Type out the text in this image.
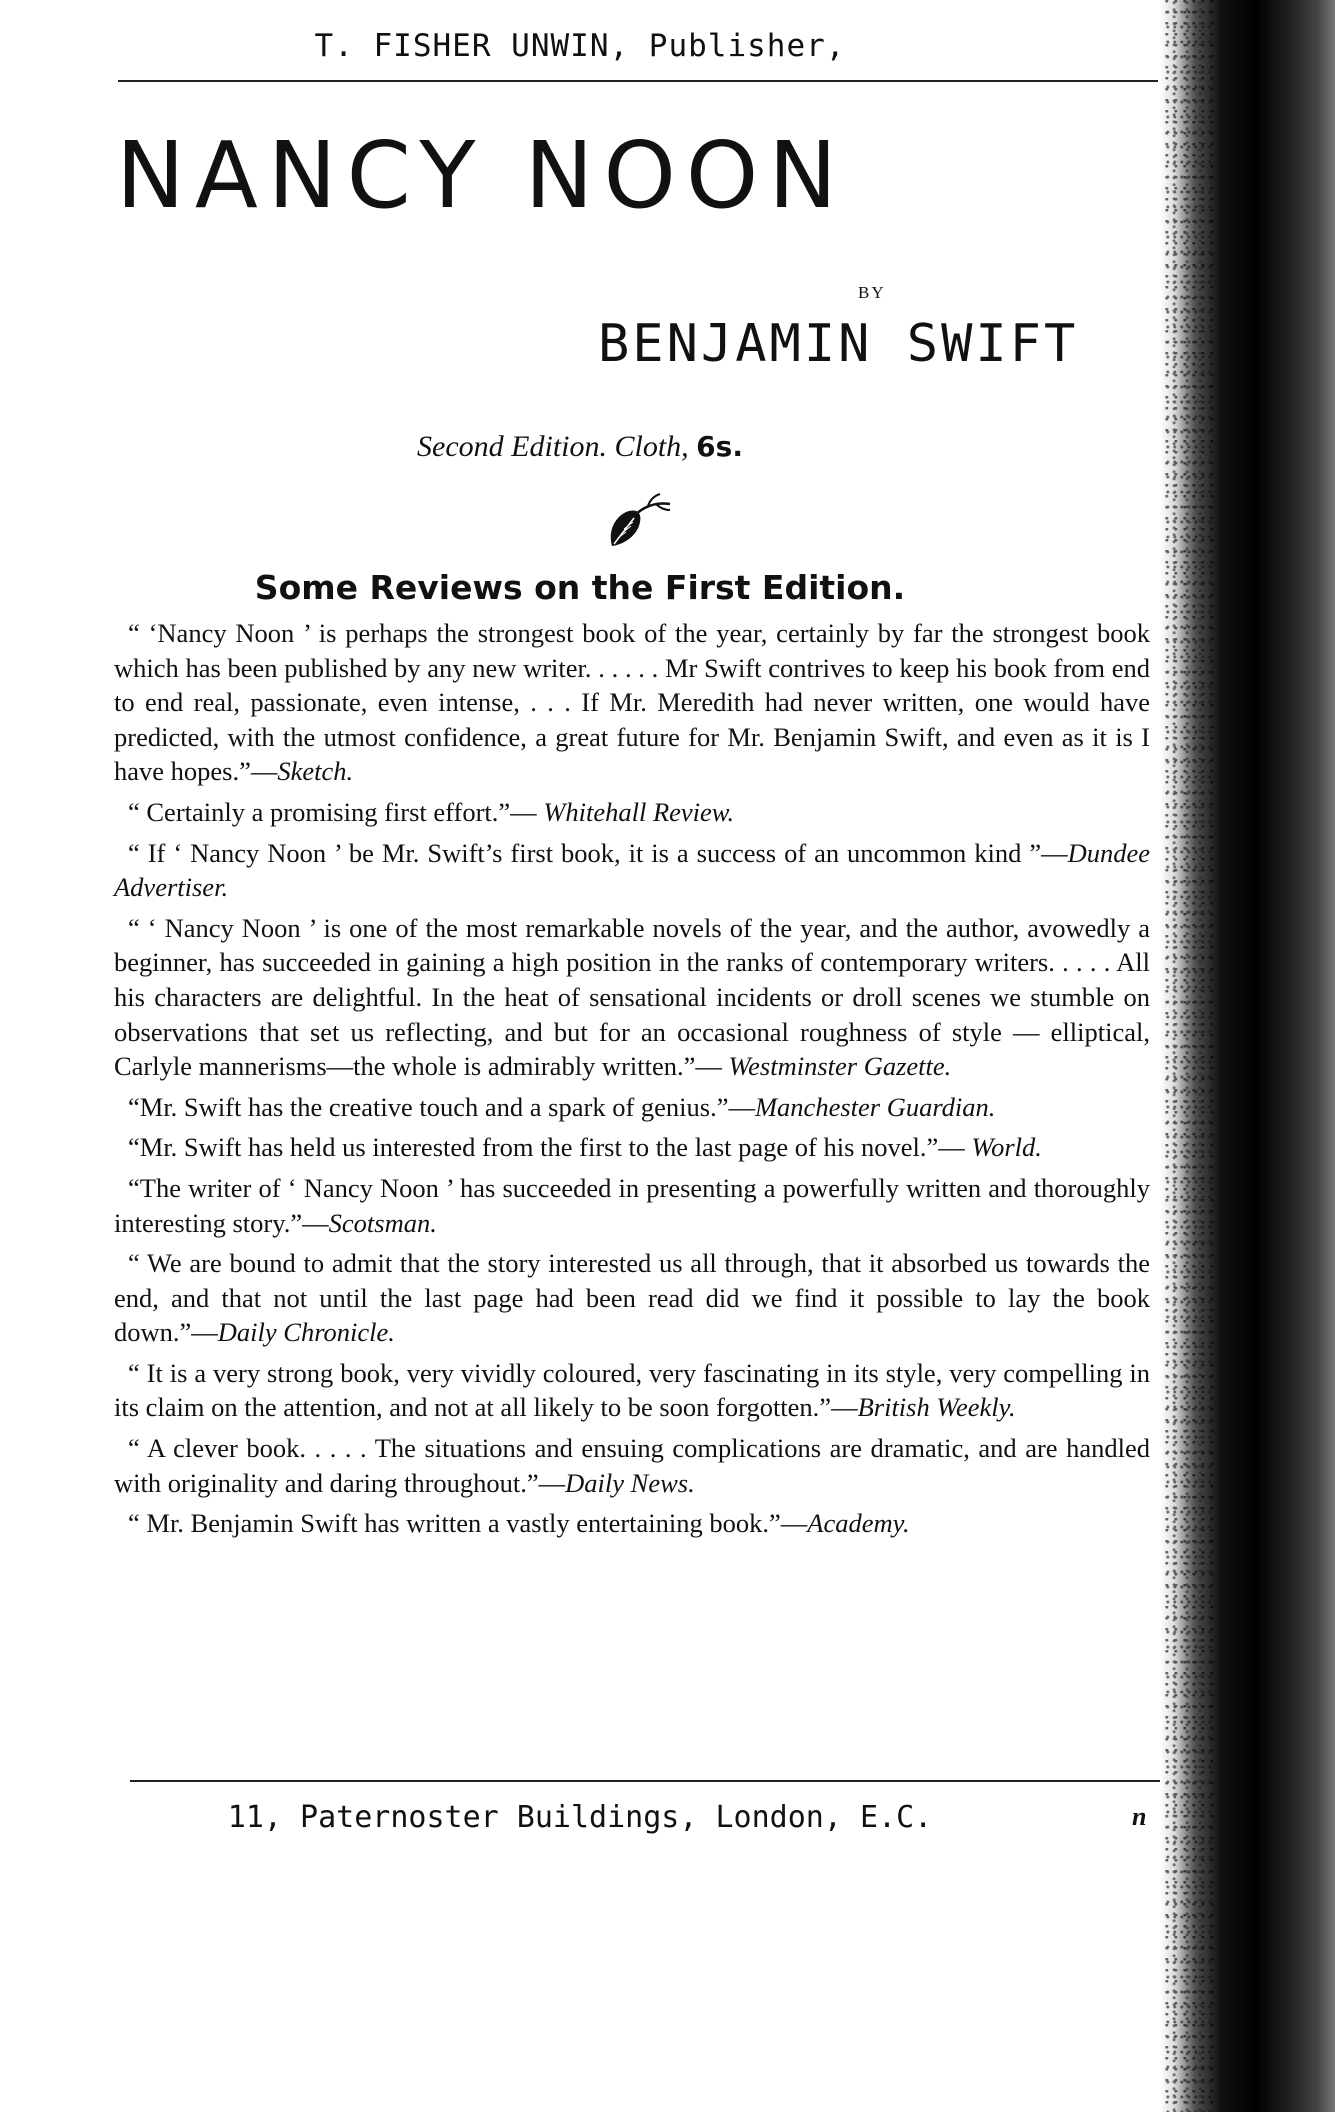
T. FISHER UNWIN, Publisher,
NANCY NOON
BY
BENJAMIN SWIFT
Second Edition. Cloth, 6s.
Some Reviews on the First Edition.

“ ‘Nancy Noon ’ is perhaps the strongest book of the year, certainly by far the strongest book which has been published by any new writer. . . . . . Mr Swift contrives to keep his book from end to end real, passionate, even intense, . . . If Mr. Meredith had never written, one would have predicted, with the utmost confidence, a great future for Mr. Benjamin Swift, and even as it is I have hopes.”—Sketch.

“ Certainly a promising first effort.”— Whitehall Review.

“ If ‘ Nancy Noon ’ be Mr. Swift’s first book, it is a success of an uncommon kind ”—Dundee Advertiser.

“ ‘ Nancy Noon ’ is one of the most remarkable novels of the year, and the author, avowedly a beginner, has succeeded in gaining a high position in the ranks of contemporary writers. . . . . All his characters are delightful. In the heat of sensational incidents or droll scenes we stumble on observations that set us reflecting, and but for an occasional roughness of style — elliptical, Carlyle mannerisms—the whole is admirably written.”— Westminster Gazette.

“Mr. Swift has the creative touch and a spark of genius.”—Manchester Guardian.

“Mr. Swift has held us interested from the first to the last page of his novel.”— World.

“The writer of ‘ Nancy Noon ’ has succeeded in presenting a powerfully written and thoroughly interesting story.”—Scotsman.

“ We are bound to admit that the story interested us all through, that it absorbed us towards the end, and that not until the last page had been read did we find it possible to lay the book down.”—Daily Chronicle.

“ It is a very strong book, very vividly coloured, very fascinating in its style, very compelling in its claim on the attention, and not at all likely to be soon forgotten.”—British Weekly.

“ A clever book. . . . . The situations and ensuing complications are dramatic, and are handled with originality and daring throughout.”—Daily News.

“ Mr. Benjamin Swift has written a vastly entertaining book.”—Academy.

11, Paternoster Buildings, London, E.C.	n
